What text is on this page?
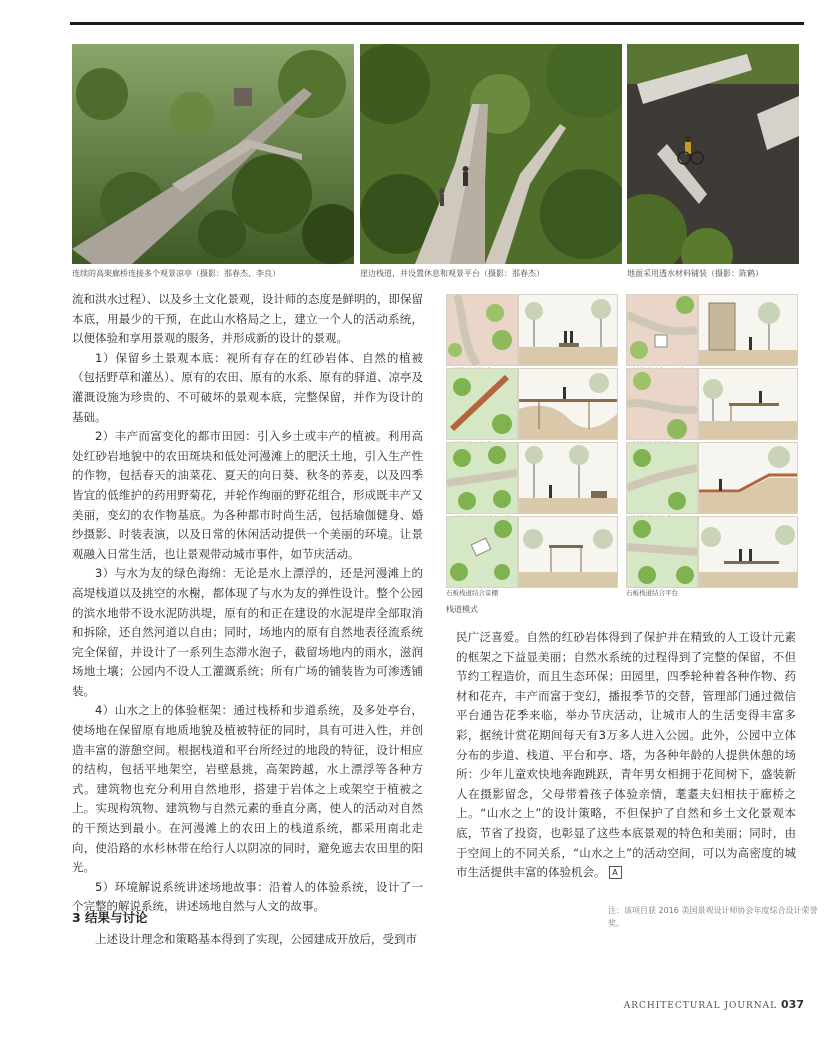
连续的高架廊桥连接多个观景凉亭（摄影：那春杰、李良）	崖边栈道，并设置休息和观景平台（摄影：那春杰）	地面采用透水材料铺装（摄影：陈鹤）

流和洪水过程）、以及乡土文化景观，设计师的态度是鲜明的，即保留本底，用最少的干预，在此山水格局之上，建立一个人的活动系统，以便体验和享用景观的服务，并形成新的设计的景观。

1）保留乡土景观本底：视所有存在的红砂岩体、自然的植被（包括野草和灌丛）、原有的农田、原有的水系、原有的驿道、凉亭及灌溉设施为珍贵的、不可破坏的景观本底，完整保留，并作为设计的基础。

2）丰产而富变化的都市田园：引入乡土或丰产的植被。利用高处红砂岩地貌中的农田斑块和低处河漫滩上的肥沃土地，引入生产性的作物，包括春天的油菜花、夏天的向日葵、秋冬的荞麦，以及四季皆宜的低维护的药用野菊花，并轮作绚丽的野花组合，形成既丰产又美丽，变幻的农作物基底。为各种都市时尚生活，包括瑜伽健身、婚纱摄影、时装表演，以及日常的休闲活动提供一个美丽的环境。让景观融入日常生活，也让景观带动城市事件，如节庆活动。

3）与水为友的绿色海绵：无论是水上漂浮的，还是河漫滩上的高堤栈道以及挑空的水榭，都体现了与水为友的弹性设计。整个公园的滨水地带不设水泥防洪堤，原有的和正在建设的水泥堤岸全部取消和拆除，还自然河道以自由；同时，场地内的原有自然地表径流系统完全保留，并设计了一系列生态滞水泡子，截留场地内的雨水，滋润场地土壤；公园内不设人工灌溉系统；所有广场的铺装皆为可渗透铺装。

4）山水之上的体验框架：通过栈桥和步道系统，及多处亭台，使场地在保留原有地质地貌及植被特征的同时，具有可进入性，并创造丰富的游憩空间。根据栈道和平台所经过的地段的特征，设计相应的结构，包括平地架空，岩壁悬挑，高架跨越，水上漂浮等各种方式。建筑物也充分利用自然地形，搭建于岩体之上或架空于植被之上。实现构筑物、建筑物与自然元素的垂直分离，使人的活动对自然的干预达到最小。在河漫滩上的农田上的栈道系统，都采用南北走向，使沿路的水杉林带在给行人以阴凉的同时，避免遮去农田里的阳光。

5）环境解说系统讲述场地故事：沿着人的体验系统，设计了一个完整的解说系统，讲述场地自然与人文的故事。

石板栈道结合景棚	石板栈道结合平台
栈道模式

民广泛喜爱。自然的红砂岩体得到了保护并在精致的人工设计元素的框架之下益显美丽；自然水系统的过程得到了完整的保留，不但节约工程造价，而且生态环保；田园里，四季轮种着各种作物、药材和花卉，丰产而富于变幻，播报季节的交替，管理部门通过微信平台通告花季来临，举办节庆活动，让城市人的生活变得丰富多彩，据统计赏花期间每天有3万多人进入公园。此外，公园中立体分布的步道、栈道、平台和亭、塔，为各种年龄的人提供休憩的场所：少年儿童欢快地奔跑跳跃，青年男女相拥于花间树下，盛装新人在摄影留念，父母带着孩子体验亲情，耄耋夫妇相扶于廊桥之上。“山水之上”的设计策略，不但保护了自然和乡土文化景观本底，节省了投资，也彰显了这些本底景观的特色和美丽；同时，由于空间上的不同关系，“山水之上”的活动空间，可以为高密度的城市生活提供丰富的体验机会。 A

3 结果与讨论

上述设计理念和策略基本得到了实现，公园建成开放后，受到市

注：该项目获 2016 美国景观设计师协会年度综合设计荣誉奖。
ARCHITECTURAL JOURNAL 037
